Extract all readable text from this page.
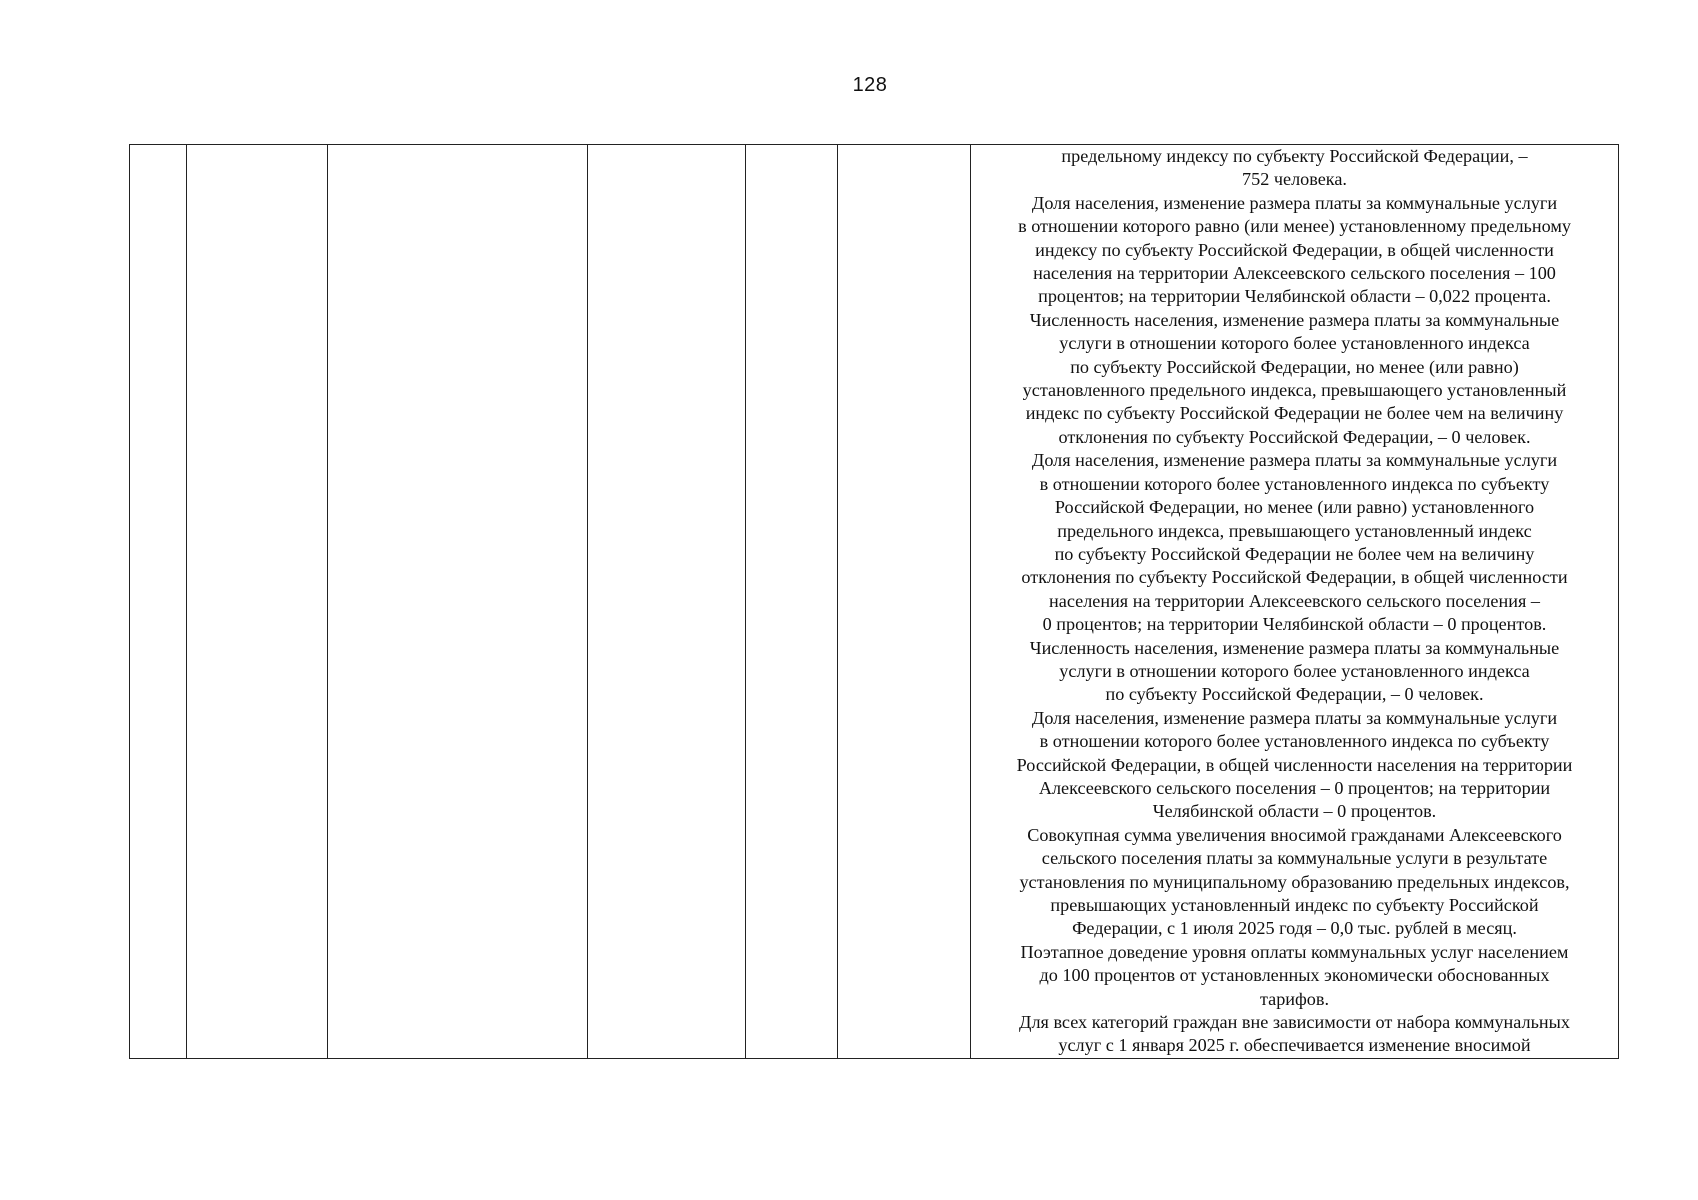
128

предельному индексу по субъекту Российской Федерации, –
752 человека.
Доля населения, изменение размера платы за коммунальные услуги
в отношении которого равно (или менее) установленному предельному
индексу по субъекту Российской Федерации, в общей численности
населения на территории Алексеевского сельского поселения – 100
процентов; на территории Челябинской области – 0,022 процента.
Численность населения, изменение размера платы за коммунальные
услуги в отношении которого более установленного индекса
по субъекту Российской Федерации, но менее (или равно)
установленного предельного индекса, превышающего установленный
индекс по субъекту Российской Федерации не более чем на величину
отклонения по субъекту Российской Федерации, – 0 человек.
Доля населения, изменение размера платы за коммунальные услуги
в отношении которого более установленного индекса по субъекту
Российской Федерации, но менее (или равно) установленного
предельного индекса, превышающего установленный индекс
по субъекту Российской Федерации не более чем на величину
отклонения по субъекту Российской Федерации, в общей численности
населения на территории Алексеевского сельского поселения –
0 процентов; на территории Челябинской области – 0 процентов.
Численность населения, изменение размера платы за коммунальные
услуги в отношении которого более установленного индекса
по субъекту Российской Федерации, – 0 человек.
Доля населения, изменение размера платы за коммунальные услуги
в отношении которого более установленного индекса по субъекту
Российской Федерации, в общей численности населения на территории
Алексеевского сельского поселения – 0 процентов; на территории
Челябинской области – 0 процентов.
Совокупная сумма увеличения вносимой гражданами Алексеевского
сельского поселения платы за коммунальные услуги в результате
установления по муниципальному образованию предельных индексов,
превышающих установленный индекс по субъекту Российской
Федерации, с 1 июля 2025 годя – 0,0 тыс. рублей в месяц.
Поэтапное доведение уровня оплаты коммунальных услуг населением
до 100 процентов от установленных экономически обоснованных
тарифов.
Для всех категорий граждан вне зависимости от набора коммунальных
услуг с 1 января 2025 г. обеспечивается изменение вносимой
